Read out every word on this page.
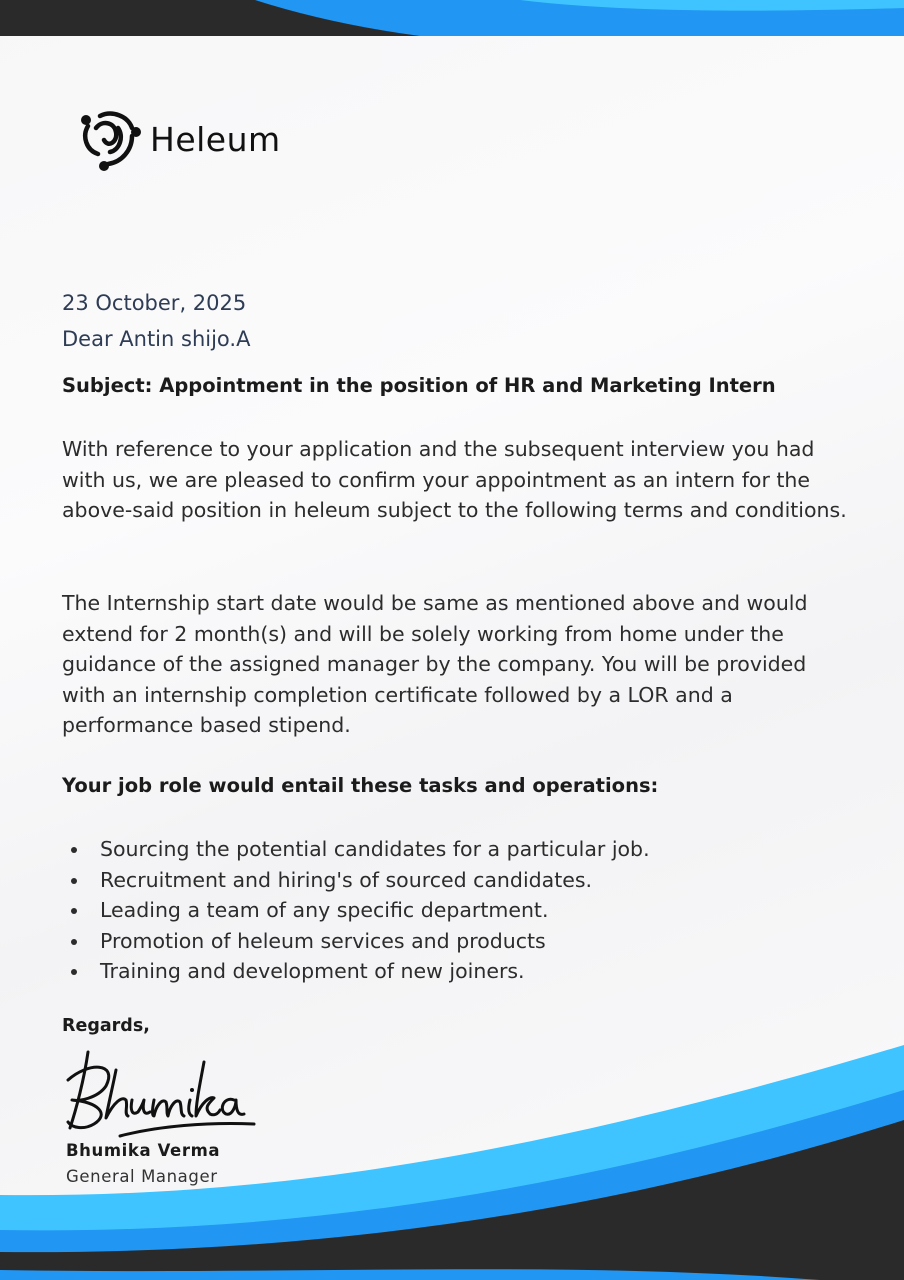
Heleum
23 October, 2025
Dear Antin shijo.A
Subject: Appointment in the position of HR and Marketing Intern

With reference to your application and the subsequent interview you had with us, we are pleased to confirm your appointment as an intern for the above-said position in heleum subject to the following terms and conditions.

The Internship start date would be same as mentioned above and would extend for 2 month(s) and will be solely working from home under the guidance of the assigned manager by the company. You will be provided with an internship completion certificate followed by a LOR and a performance based stipend.

Your job role would entail these tasks and operations:
Sourcing the potential candidates for a particular job.
Recruitment and hiring's of sourced candidates.
Leading a team of any specific department.
Promotion of heleum services and products
Training and development of new joiners.
Regards,
Bhumika Verma
General Manager
